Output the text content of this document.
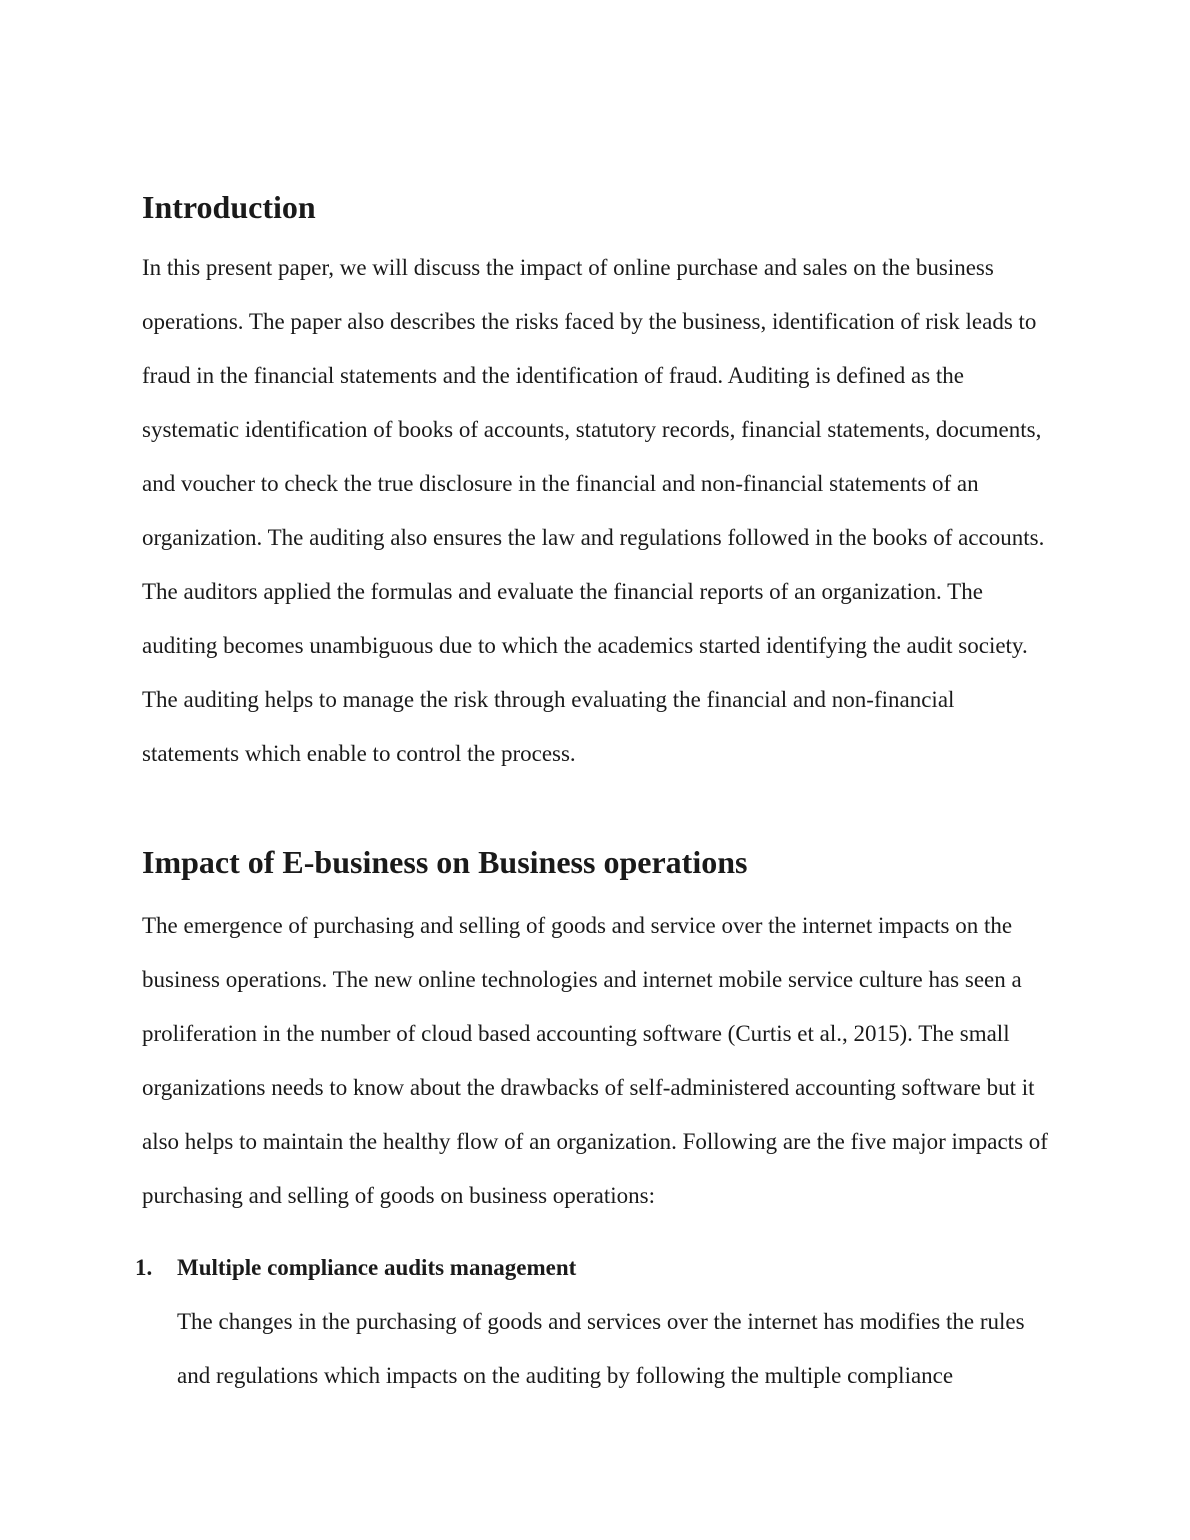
Introduction

In this present paper, we will discuss the impact of online purchase and sales on the business operations. The paper also describes the risks faced by the business, identification of risk leads to fraud in the financial statements and the identification of fraud. Auditing is defined as the systematic identification of books of accounts, statutory records, financial statements, documents, and voucher to check the true disclosure in the financial and non-financial statements of an organization. The auditing also ensures the law and regulations followed in the books of accounts. The auditors applied the formulas and evaluate the financial reports of an organization. The auditing becomes unambiguous due to which the academics started identifying the audit society. The auditing helps to manage the risk through evaluating the financial and non-financial statements which enable to control the process.

Impact of E-business on Business operations

The emergence of purchasing and selling of goods and service over the internet impacts on the business operations. The new online technologies and internet mobile service culture has seen a proliferation in the number of cloud based accounting software (Curtis et al., 2015). The small organizations needs to know about the drawbacks of self-administered accounting software but it also helps to maintain the healthy flow of an organization. Following are the five major impacts of purchasing and selling of goods on business operations:

1.	Multiple compliance audits management

The changes in the purchasing of goods and services over the internet has modifies the rules and regulations which impacts on the auditing by following the multiple compliance
